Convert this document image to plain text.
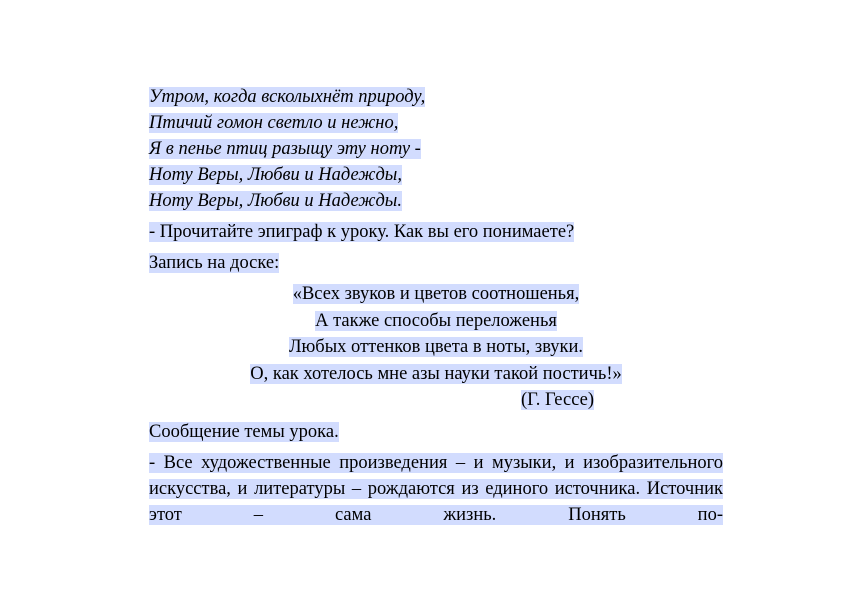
Утром, когда всколыхнёт природу,
Птичий гомон светло и нежно,
Я в пенье птиц разыщу эту ноту -
Ноту Веры, Любви и Надежды,
Ноту Веры, Любви и Надежды.
- Прочитайте эпиграф к уроку. Как вы его понимаете?
Запись на доске:
«Всех звуков и цветов соотношенья,
А также способы переложенья
Любых оттенков цвета в ноты, звуки.
О, как хотелось мне азы науки такой постичь!»
(Г. Гессе)
Сообщение темы урока.
- Все художественные произведения – и музыки, и изобразительного искусства, и литературы – рождаются из единого источника. Источник этот – сама жизнь. Понять по-
